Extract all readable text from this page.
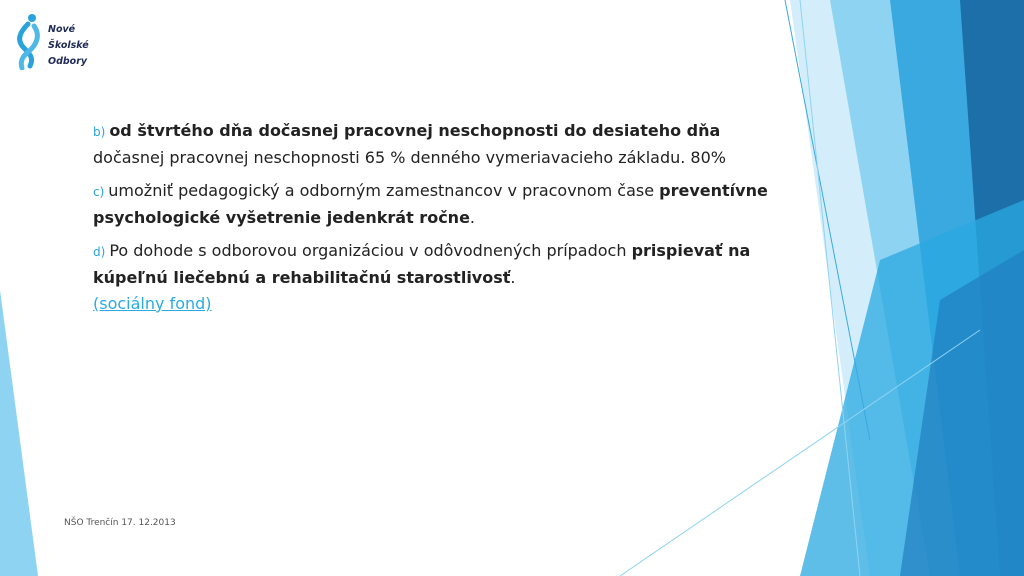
Nové
Školské
Odbory

b) od štvrtého dňa dočasnej pracovnej neschopnosti do desiateho dňa dočasnej pracovnej neschopnosti 65 % denného vymeriavacieho základu. 80%

c) umožniť pedagogický a odborným zamestnancov v pracovnom čase preventívne psychologické vyšetrenie jedenkrát ročne.

d) Po dohode s odborovou organizáciou v odôvodnených prípadoch prispievať na kúpeľnú liečebnú a rehabilitačnú starostlivosť.
(sociálny fond)

NŠO Trenčín 17. 12.2013
